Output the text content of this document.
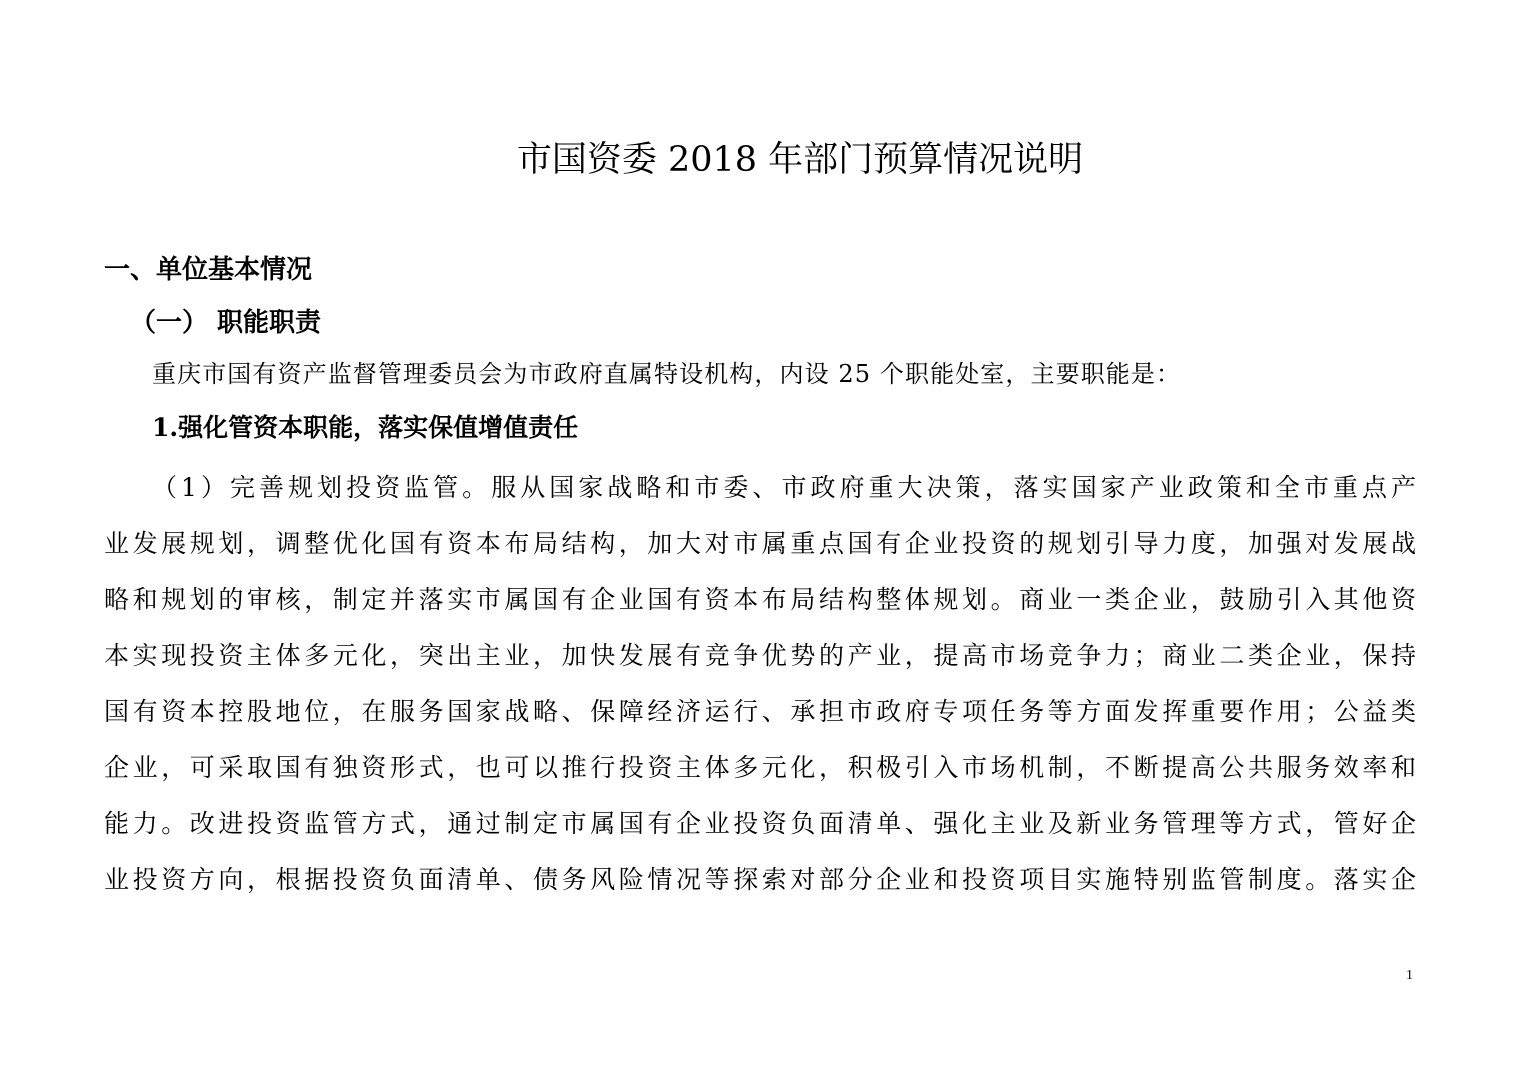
市国资委 2018 年部门预算情况说明
一、单位基本情况
（一） 职能职责

重庆市国有资产监督管理委员会为市政府直属特设机构，内设 25 个职能处室，主要职能是：

1.强化管资本职能，落实保值增值责任
（1）完善规划投资监管。服从国家战略和市委、市政府重大决策，落实国家产业政策和全市重点产
业发展规划，调整优化国有资本布局结构，加大对市属重点国有企业投资的规划引导力度，加强对发展战
略和规划的审核，制定并落实市属国有企业国有资本布局结构整体规划。商业一类企业，鼓励引入其他资
本实现投资主体多元化，突出主业，加快发展有竞争优势的产业，提高市场竞争力；商业二类企业，保持
国有资本控股地位，在服务国家战略、保障经济运行、承担市政府专项任务等方面发挥重要作用；公益类
企业，可采取国有独资形式，也可以推行投资主体多元化，积极引入市场机制，不断提高公共服务效率和
能力。改进投资监管方式，通过制定市属国有企业投资负面清单、强化主业及新业务管理等方式，管好企
业投资方向，根据投资负面清单、债务风险情况等探索对部分企业和投资项目实施特别监管制度。落实企
1
